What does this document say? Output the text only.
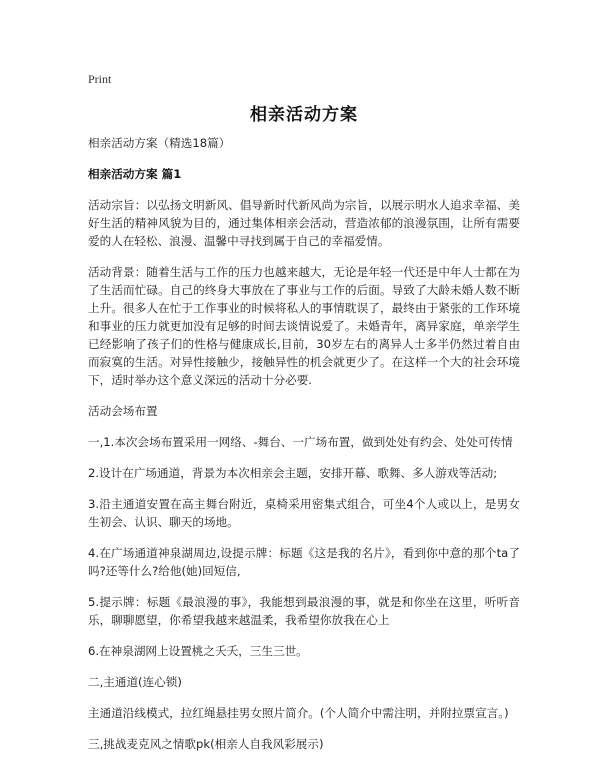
Print
相亲活动方案

相亲活动方案（精选18篇）

相亲活动方案 篇1

活动宗旨：以弘扬文明新风、倡导新时代新风尚为宗旨，以展示明水人追求幸福、美好生活的精神风貌为目的，通过集体相亲会活动，营造浓郁的浪漫氛围，让所有需要爱的人在轻松、浪漫、温馨中寻找到属于自己的幸福爱情。

活动背景：随着生活与工作的压力也越来越大，无论是年轻一代还是中年人士都在为了生活而忙碌。自己的终身大事放在了事业与工作的后面。导致了大龄未婚人数不断上升。很多人在忙于工作事业的时候将私人的事情耽误了，最终由于紧张的工作环境和事业的压力就更加没有足够的时间去谈情说爱了。未婚青年，离异家庭，单亲学生已经影响了孩子们的性格与健康成长,目前，30岁左右的离异人士多半仍然过着自由而寂寞的生活。对异性接触少，接触异性的机会就更少了。在这样一个大的社会环境下，适时举办这个意义深远的活动十分必要.

活动会场布置

一,1.本次会场布置采用一网络、-舞台、一广场布置，做到处处有约会、处处可传情

2.设计在广场通道，背景为本次相亲会主题，安排开幕、歌舞、多人游戏等活动;

3.沿主通道安置在高主舞台附近，桌椅采用密集式组合，可坐4个人或以上，是男女生初会、认识、聊天的场地。

4.在广场通道神泉湖周边,设提示牌：标题《这是我的名片》，看到你中意的那个ta了吗?还等什么?给他(她)回短信,

5.提示牌：标题《最浪漫的事》，我能想到最浪漫的事，就是和你坐在这里，听听音乐，聊聊愿望，你希望我越来越温柔，我希望你放我在心上

6.在神泉湖网上设置桃之夭夭，三生三世。

二,主通道(连心锁)

主通道沿线模式，拉红绳悬挂男女照片简介。(个人简介中需注明，并附拉票宣言。)

三,挑战麦克风之情歌pk(相亲人自我风彩展示)
